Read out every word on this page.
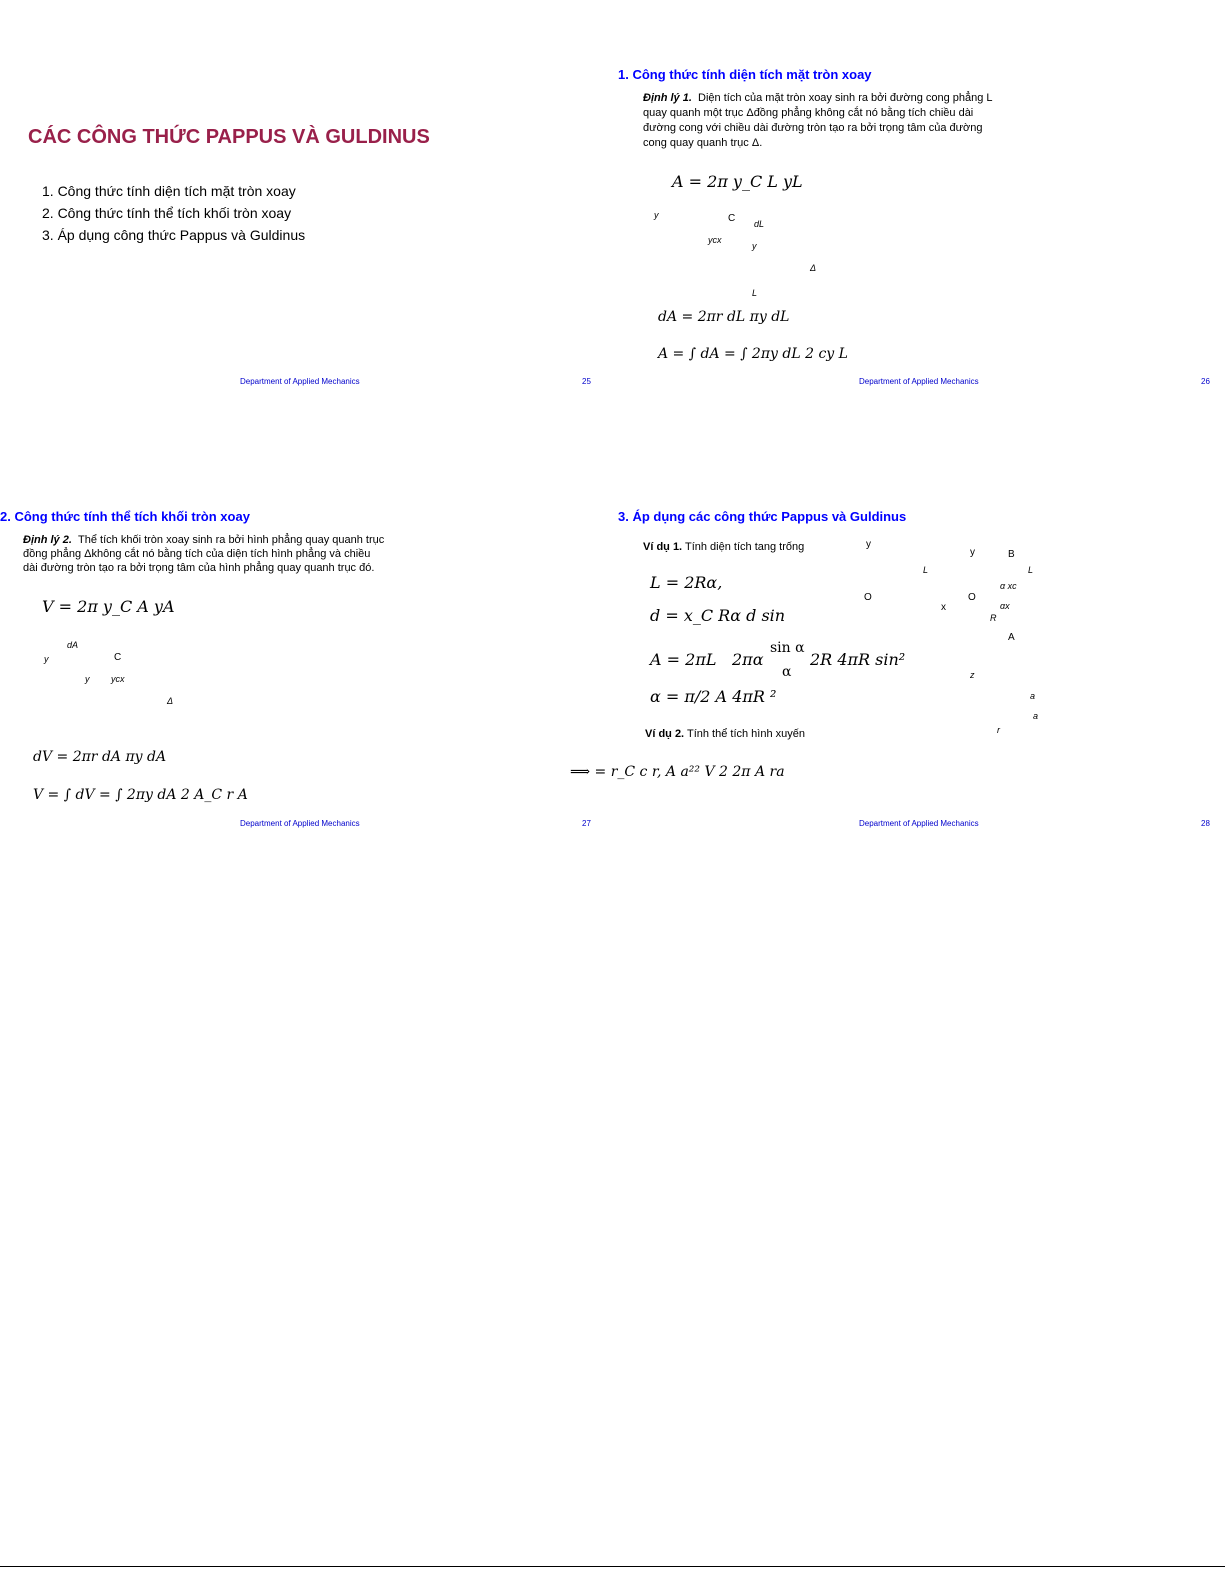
CÁC CÔNG THỨC PAPPUS VÀ GULDINUS
1. Công thức tính diện tích mặt tròn xoay
2. Công thức tính thể tích khối tròn xoay
3. Áp dụng công thức Pappus và Guldinus
Department of Applied Mechanics	25
1. Công thức tính diện tích mặt tròn xoay
Định lý 1. Diện tích của mặt tròn xoay sinh ra bởi đường cong phẳng L
quay quanh một trục Δđồng phẳng không cắt nó bằng tích chiều dài
đường cong với chiều dài đường tròn tạo ra bởi trọng tâm của đường
cong quay quanh trục Δ.
A = 2π y_C L yL
y	C dL
ycx
y
Δ
L
dA = 2πr dL πy dL
A = ∫ dA = ∫ 2πy dL 2 cy L
Department of Applied Mechanics	26
2. Công thức tính thể tích khối tròn xoay
Định lý 2. Thể tích khối tròn xoay sinh ra bởi hình phẳng quay quanh trục
đồng phẳng Δkhông cắt nó bằng tích của diện tích hình phẳng và chiều
dài đường tròn tạo ra bởi trọng tâm của hình phẳng quay quanh trục đó.
V = 2π y_C A yA
dA
y	C
y ycx
Δ
dV = 2πr dA πy dA
V = ∫ dV = ∫ 2πy dA 2 A_C r A
Department of Applied Mechanics	27
3. Áp dụng các công thức Pappus và Guldinus
Ví dụ 1. Tính diện tích tang trống
L = 2Rα,
d = x_C Rα d sin
A = 2πL 2πα
sin α
α
2R 4πR sin²
α = π/2 A 4πR ²
Ví dụ 2. Tính thể tích hình xuyến
⟹ = r_C c r, A a²² V 2 2π A ra
y
y	B
L	L
O	O
x
α xc
αx
R
A
z
a
a
r
Department of Applied Mechanics	28
